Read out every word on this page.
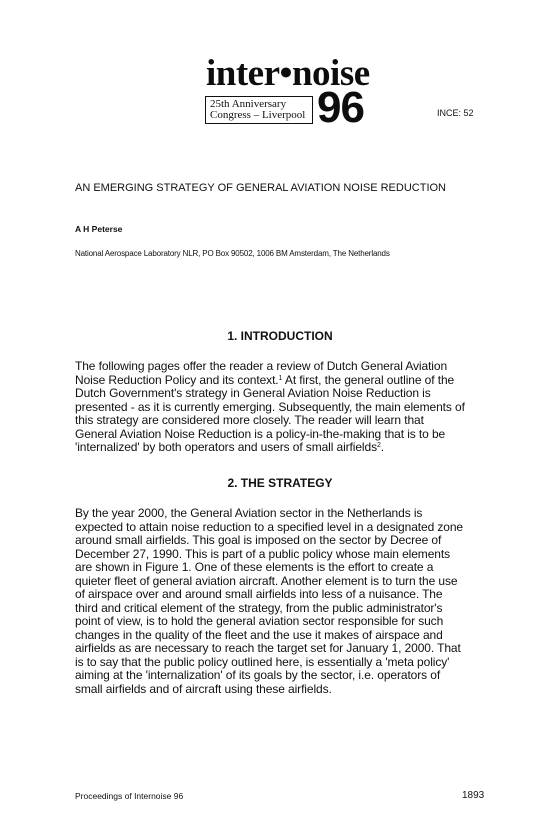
inter•noise
25th Anniversary
Congress – Liverpool 96	INCE: 52
AN EMERGING STRATEGY OF GENERAL AVIATION NOISE REDUCTION
A H Peterse
National Aerospace Laboratory NLR, PO Box 90502, 1006 BM Amsterdam, The Netherlands
1. INTRODUCTION
The following pages offer the reader a review of Dutch General Aviation
Noise Reduction Policy and its context.$^1$ At first, the general outline of the
Dutch Government's strategy in General Aviation Noise Reduction is
presented - as it is currently emerging. Subsequently, the main elements of
this strategy are considered more closely. The reader will learn that
General Aviation Noise Reduction is a policy-in-the-making that is to be
'internalized' by both operators and users of small airfields$^2$.
2. THE STRATEGY
By the year 2000, the General Aviation sector in the Netherlands is
expected to attain noise reduction to a specified level in a designated zone
around small airfields. This goal is imposed on the sector by Decree of
December 27, 1990. This is part of a public policy whose main elements
are shown in Figure 1. One of these elements is the effort to create a
quieter fleet of general aviation aircraft. Another element is to turn the use
of airspace over and around small airfields into less of a nuisance. The
third and critical element of the strategy, from the public administrator's
point of view, is to hold the general aviation sector responsible for such
changes in the quality of the fleet and the use it makes of airspace and
airfields as are necessary to reach the target set for January 1, 2000. That
is to say that the public policy outlined here, is essentially a 'meta policy'
aiming at the 'internalization' of its goals by the sector, i.e. operators of
small airfields and of aircraft using these airfields.
Proceedings of Internoise 96	1893
